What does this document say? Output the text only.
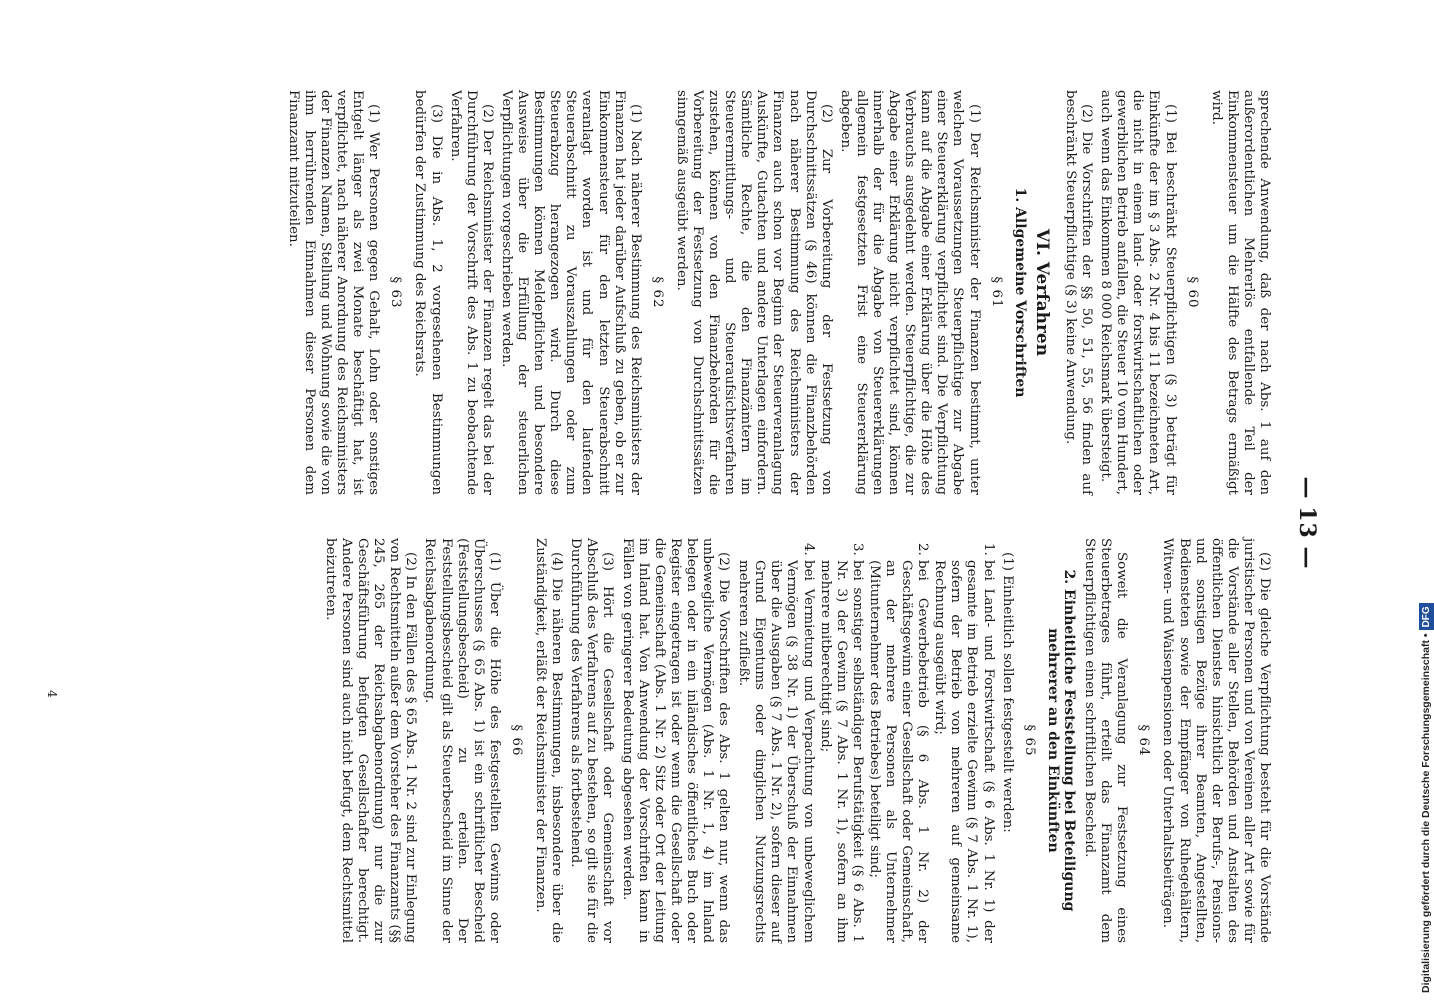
— 13 —

sprechende Anwendung, daß der nach Abs. 1 auf den außerordentlichen Mehrerlös entfallende Teil der Einkommensteuer um die Hälfte des Betrags ermäßigt wird.

§ 60

(1) Bei beschränkt Steuerpflichtigen (§ 3) beträgt für Einkünfte der im § 3 Abs. 2 Nr. 4 bis 11 bezeichneten Art, die nicht in einem land- oder forstwirtschaftlichen oder gewerblichen Betrieb anfallen, die Steuer 10 vom Hundert, auch wenn das Einkommen 8 000 Reichsmark übersteigt.

(2) Die Vorschriften der §§ 50, 51, 55, 56 finden auf beschränkt Steuerpflichtige (§ 3) keine Anwendung.

VI. Verfahren
1. Allgemeine Vorschriften
§ 61

(1) Der Reichsminister der Finanzen bestimmt, unter welchen Voraussetzungen Steuerpflichtige zur Abgabe einer Steuererklärung verpflichtet sind. Die Verpflichtung kann auf die Abgabe einer Erklärung über die Höhe des Verbrauchs ausgedehnt werden. Steuerpflichtige, die zur Abgabe einer Erklärung nicht verpflichtet sind, können innerhalb der für die Abgabe von Steuererklärungen allgemein festgesetzten Frist eine Steuererklärung abgeben.

(2) Zur Vorbereitung der Festsetzung von Durchschnittssätzen (§ 46) können die Finanzbehörden nach näherer Bestimmung des Reichsministers der Finanzen auch schon vor Beginn der Steuerveranlagung Auskünfte, Gutachten und andere Unterlagen einfordern. Sämtliche Rechte, die den Finanzämtern im Steuerermittlungs- und Steueraufsichtsverfahren zustehen, können von den Finanzbehörden für die Vorbereitung der Festsetzung von Durchschnittssätzen sinngemäß ausgeübt werden.

§ 62

(1) Nach näherer Bestimmung des Reichsministers der Finanzen hat jeder darüber Aufschluß zu geben, ob er zur Einkommensteuer für den letzten Steuerabschnitt veranlagt worden ist und für den laufenden Steuerabschnitt zu Vorauszahlungen oder zum Steuerabzug herangezogen wird. Durch diese Bestimmungen können Meldepflichten und besondere Ausweise über die Erfüllung der steuerlichen Verpflichtungen vorgeschrieben werden.

(2) Der Reichsminister der Finanzen regelt das bei der Durchführung der Vorschrift des Abs. 1 zu beobachtende Verfahren.

(3) Die in Abs. 1, 2 vorgesehenen Bestimmungen bedürfen der Zustimmung des Reichsrats.

§ 63

(1) Wer Personen gegen Gehalt, Lohn oder sonstiges Entgelt länger als zwei Monate beschäftigt hat, ist verpflichtet, nach näherer Anordnung des Reichsministers der Finanzen Namen, Stellung und Wohnung sowie die von ihm herrührenden Einnahmen dieser Personen dem Finanzamt mitzuteilen.

(2) Die gleiche Verpflichtung besteht für die Vorstände juristischer Personen und von Vereinen aller Art sowie für die Vorstände aller Stellen, Behörden und Anstalten des öffentlichen Dienstes hinsichtlich der Berufs-, Pensions- und sonstigen Bezüge ihrer Beamten, Angestellten, Bediensteten sowie der Empfänger von Ruhegehältern, Witwen- und Waisenpensionen oder Unterhaltsbeiträgen.

§ 64

Soweit die Veranlagung zur Festsetzung eines Steuerbetrages führt, erteilt das Finanzamt dem Steuerpflichtigen einen schriftlichen Bescheid.

2. Einheitliche Feststellung bei Beteiligung mehrerer an den Einkünften
§ 65

(1) Einheitlich sollen festgestellt werden:

1. bei Land- und Forstwirtschaft (§ 6 Abs. 1 Nr. 1) der gesamte im Betrieb erzielte Gewinn (§ 7 Abs. 1 Nr. 1), sofern der Betrieb von mehreren auf gemeinsame Rechnung ausgeübt wird;
2. bei Gewerbebetrieb (§ 6 Abs. 1 Nr. 2) der Geschäftsgewinn einer Gesellschaft oder Gemeinschaft, an der mehrere Personen als Unternehmer (Mitunternehmer des Betriebes) beteiligt sind;
3. bei sonstiger selbständiger Berufstätigkeit (§ 6 Abs. 1 Nr. 3) der Gewinn (§ 7 Abs. 1 Nr. 1), sofern an ihm mehrere mitberechtigt sind;
4. bei Vermietung und Verpachtung von unbeweglichem Vermögen (§ 38 Nr. 1) der Überschuß der Einnahmen über die Ausgaben (§ 7 Abs. 1 Nr. 2), sofern dieser auf Grund Eigentums oder dinglichen Nutzungsrechts mehreren zufließt.

(2) Die Vorschriften des Abs. 1 gelten nur, wenn das unbewegliche Vermögen (Abs. 1 Nr. 1, 4) im Inland belegen oder in ein inländisches öffentliches Buch oder Register eingetragen ist oder wenn die Gesellschaft oder die Gemeinschaft (Abs. 1 Nr. 2) Sitz oder Ort der Leitung im Inland hat. Von Anwendung der Vorschriften kann in Fällen von geringerer Bedeutung abgesehen werden.

(3) Hört die Gesellschaft oder Gemeinschaft vor Abschluß des Verfahrens auf zu bestehen, so gilt sie für die Durchführung des Verfahrens als fortbestehend.

(4) Die näheren Bestimmungen, insbesondere über die Zuständigkeit, erläßt der Reichsminister der Finanzen.

§ 66

(1) Über die Höhe des festgestellten Gewinns oder Überschusses (§ 65 Abs. 1) ist ein schriftlicher Bescheid (Feststellungsbescheid) zu erteilen. Der Feststellungsbescheid gilt als Steuerbescheid im Sinne der Reichsabgabenordnung.

(2) In den Fällen des § 65 Abs. 1 Nr. 2 sind zur Einlegung von Rechtsmitteln außer dem Vorsteher des Finanzamts (§§ 245, 265 der Reichsabgabenordnung) nur die zur Geschäftsführung befugten Gesellschafter berechtigt. Andere Personen sind auch nicht befugt, dem Rechtsmittel beizutreten.

4	Digitalisierung gefördert durch die Deutsche Forschungsgemeinschaft •DFG
